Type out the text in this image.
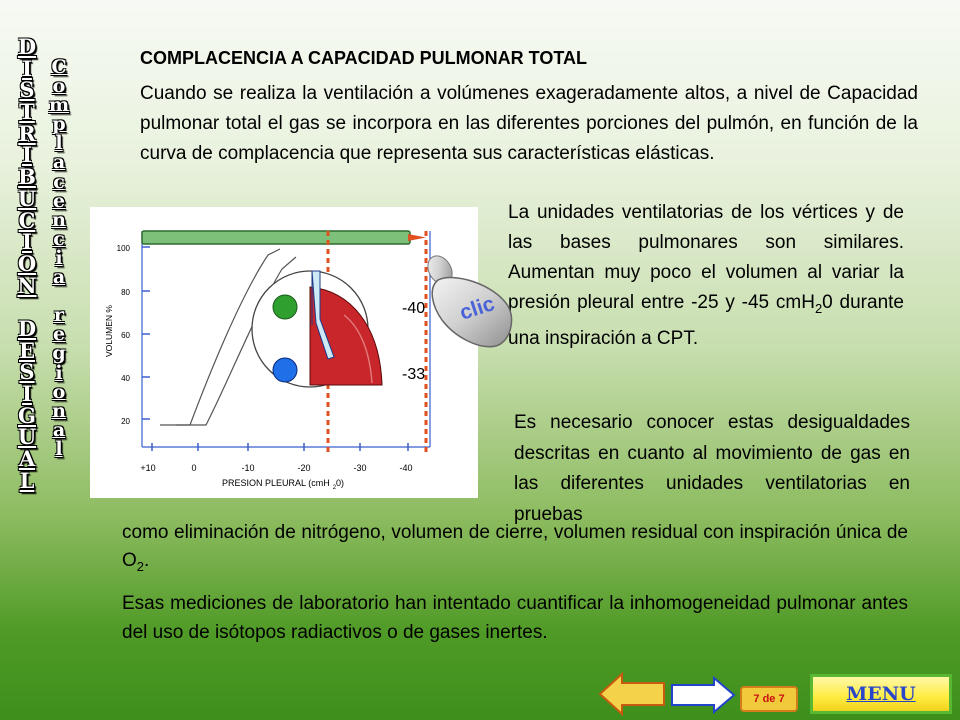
D
I
S
T
R
I
B
U
C
I
O
N
D
E
S
I
G
U
A
L
C
o
m
p
l
a
c
e
n
c
i
a
r
e
g
i
o
n
a
l
COMPLACENCIA A CAPACIDAD PULMONAR TOTAL
Cuando se realiza la ventilación a volúmenes exageradamente altos, a nivel de Capacidad pulmonar total el gas se incorpora en las diferentes porciones del pulmón, en función de la curva de complacencia que representa sus características elásticas.
La unidades ventilatorias de los vértices y de las bases pulmonares son similares. Aumentan muy poco el volumen al variar la presión pleural entre -25 y -45 cmH$_2$0 durante una inspiración a CPT.
Es necesario conocer estas desigualdades descritas en cuanto al movimiento de gas en las diferentes unidades ventilatorias en pruebas
como eliminación de nitrógeno, volumen de cierre, volumen residual con inspiración única de $O_2$.
Esas mediciones de laboratorio han intentado cuantificar la inhomogeneidad pulmonar antes del uso de isótopos radiactivos o de gases inertes.
100
80
60
40
20
+10	0	-10	-20	-30	-40
VOLUMEN %
PRESION PLEURAL (cmH $_2$0)
-40
-33
clic
7 de 7	MENU
